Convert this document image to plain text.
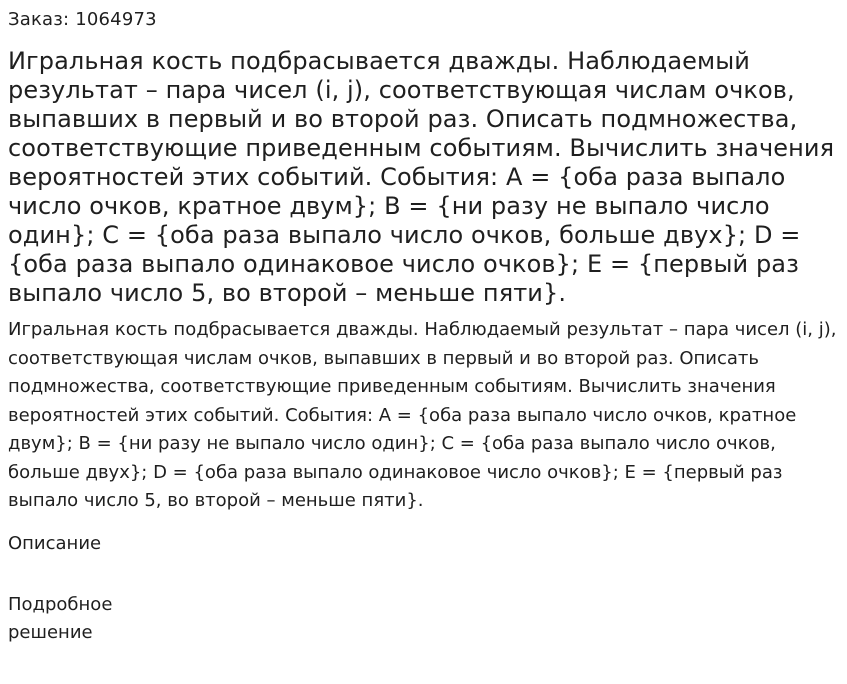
Заказ: 1064973
Игральная кость подбрасывается дважды. Наблюдаемый результат – пара чисел (i, j), соответствующая числам очков, выпавших в первый и во второй раз. Описать подмножества, соответствующие приведенным событиям. Вычислить значения вероятностей этих событий. События: A = {оба раза выпало число очков, кратное двум}; B = {ни разу не выпало число один}; C = {оба раза выпало число очков, больше двух}; D = {оба раза выпало одинаковое число очков}; E = {первый раз выпало число 5, во второй – меньше пяти}.

Игральная кость подбрасывается дважды. Наблюдаемый результат – пара чисел (i, j), соответствующая числам очков, выпавших в первый и во второй раз. Описать подмножества, соответствующие приведенным событиям. Вычислить значения вероятностей этих событий. События: A = {оба раза выпало число очков, кратное двум}; B = {ни разу не выпало число один}; C = {оба раза выпало число очков, больше двух}; D = {оба раза выпало одинаковое число очков}; E = {первый раз выпало число 5, во второй – меньше пяти}.

Описание
Подробное решение
